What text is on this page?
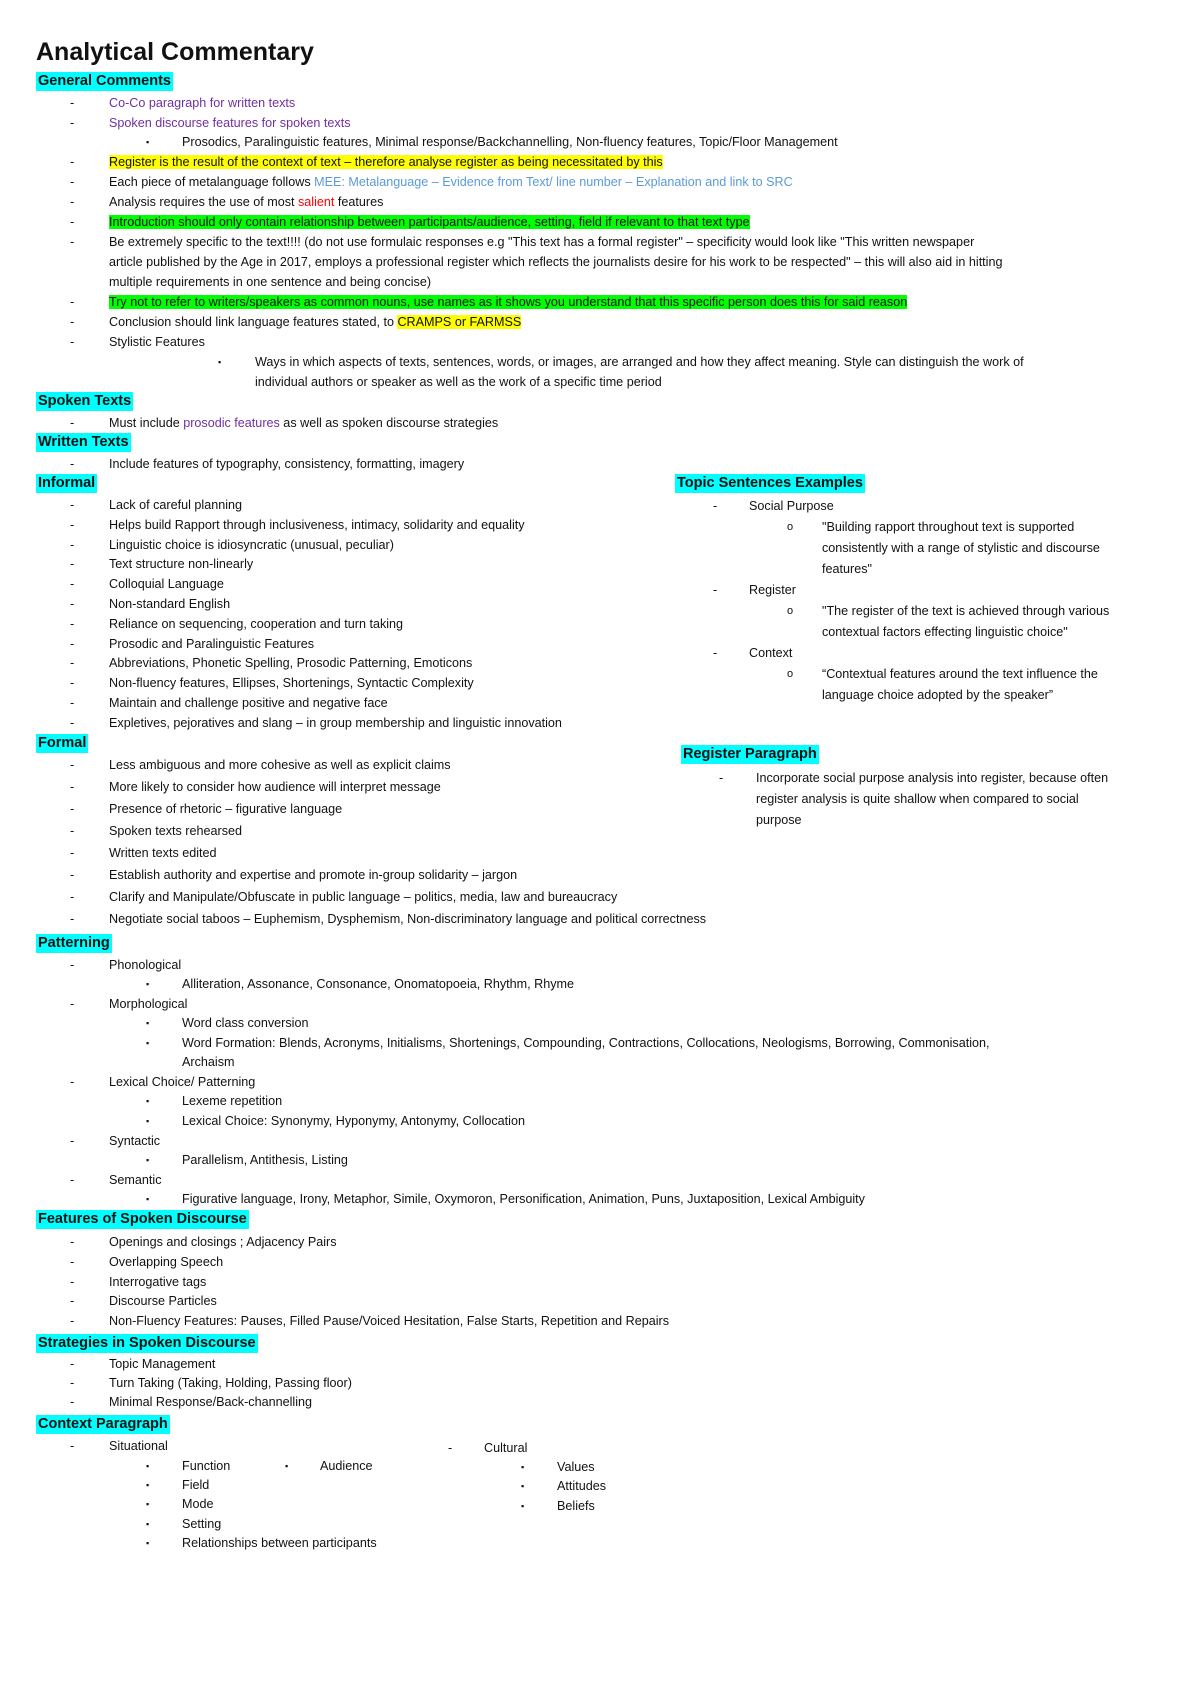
Analytical Commentary
General Comments
-	Co-Co paragraph for written texts
-	Spoken discourse features for spoken texts
▪	Prosodics, Paralinguistic features, Minimal response/Backchannelling, Non-fluency features, Topic/Floor Management
-	Register is the result of the context of text – therefore analyse register as being necessitated by this
-	Each piece of metalanguage follows MEE: Metalanguage – Evidence from Text/ line number – Explanation and link to SRC
-	Analysis requires the use of most salient features
-	Introduction should only contain relationship between participants/audience, setting, field if relevant to that text type
-	Be extremely specific to the text!!!! (do not use formulaic responses e.g "This text has a formal register" – specificity would look like "This written newspaper
article published by the Age in 2017, employs a professional register which reflects the journalists desire for his work to be respected" – this will also aid in hitting
multiple requirements in one sentence and being concise)
-	Try not to refer to writers/speakers as common nouns, use names as it shows you understand that this specific person does this for said reason
-	Conclusion should link language features stated, to CRAMPS or FARMSS
-	Stylistic Features
▪	Ways in which aspects of texts, sentences, words, or images, are arranged and how they affect meaning. Style can distinguish the work of
individual authors or speaker as well as the work of a specific time period
Spoken Texts
-	Must include prosodic features as well as spoken discourse strategies
Written Texts
-	Include features of typography, consistency, formatting, imagery
Informal
-	Lack of careful planning
-	Helps build Rapport through inclusiveness, intimacy, solidarity and equality
-	Linguistic choice is idiosyncratic (unusual, peculiar)
-	Text structure non-linearly
-	Colloquial Language
-	Non-standard English
-	Reliance on sequencing, cooperation and turn taking
-	Prosodic and Paralinguistic Features
-	Abbreviations, Phonetic Spelling, Prosodic Patterning, Emoticons
-	Non-fluency features, Ellipses, Shortenings, Syntactic Complexity
-	Maintain and challenge positive and negative face
-	Expletives, pejoratives and slang – in group membership and linguistic innovation
Topic Sentences Examples
-	Social Purpose
o "Building rapport throughout text is supported
consistently with a range of stylistic and discourse
features"
-	Register
o "The register of the text is achieved through various
contextual factors effecting linguistic choice"
-	Context
o “Contextual features around the text influence the
language choice adopted by the speaker”
Register Paragraph
-	Incorporate social purpose analysis into register, because often
register analysis is quite shallow when compared to social
purpose
Formal
-	Less ambiguous and more cohesive as well as explicit claims
-	More likely to consider how audience will interpret message
-	Presence of rhetoric – figurative language
-	Spoken texts rehearsed
-	Written texts edited
-	Establish authority and expertise and promote in-group solidarity – jargon
-	Clarify and Manipulate/Obfuscate in public language – politics, media, law and bureaucracy
-	Negotiate social taboos – Euphemism, Dysphemism, Non-discriminatory language and political correctness
Patterning
-	Phonological
▪	Alliteration, Assonance, Consonance, Onomatopoeia, Rhythm, Rhyme
-	Morphological
▪	Word class conversion
▪	Word Formation: Blends, Acronyms, Initialisms, Shortenings, Compounding, Contractions, Collocations, Neologisms, Borrowing, Commonisation,
Archaism
-	Lexical Choice/ Patterning
▪	Lexeme repetition
▪	Lexical Choice: Synonymy, Hyponymy, Antonymy, Collocation
-	Syntactic
▪	Parallelism, Antithesis, Listing
-	Semantic
▪	Figurative language, Irony, Metaphor, Simile, Oxymoron, Personification, Animation, Puns, Juxtaposition, Lexical Ambiguity
Features of Spoken Discourse
-	Openings and closings ; Adjacency Pairs
-	Overlapping Speech
-	Interrogative tags
-	Discourse Particles
-	Non-Fluency Features: Pauses, Filled Pause/Voiced Hesitation, False Starts, Repetition and Repairs
Strategies in Spoken Discourse
-	Topic Management
-	Turn Taking (Taking, Holding, Passing floor)
-	Minimal Response/Back-channelling
Context Paragraph
-	Situational
▪	Function	▪	Audience
▪	Field
▪	Mode
▪	Setting
▪	Relationships between participants
-	Cultural
▪	Values
▪	Attitudes
▪	Beliefs
